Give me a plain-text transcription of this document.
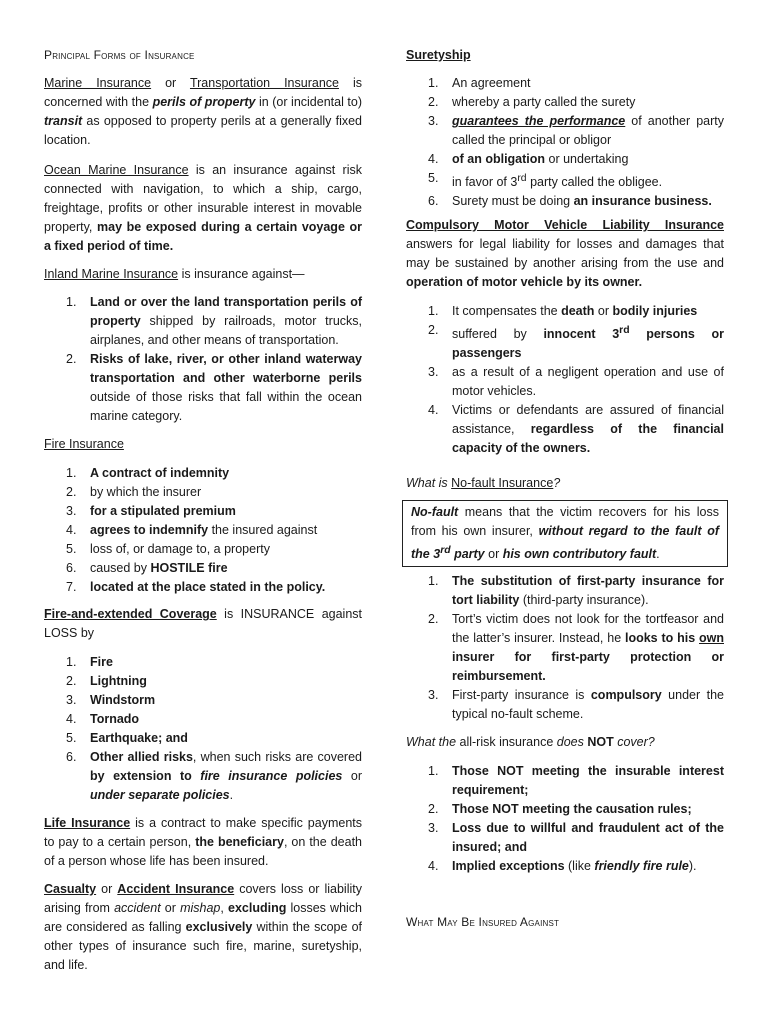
Principal Forms of Insurance

Marine Insurance or Transportation Insurance is concerned with the perils of property in (or incidental to) transit as opposed to property perils at a generally fixed location.

Ocean Marine Insurance is an insurance against risk connected with navigation, to which a ship, cargo, freightage, profits or other insurable interest in movable property, may be exposed during a certain voyage or a fixed period of time.

Inland Marine Insurance is insurance against—

1. Land or over the land transportation perils of property shipped by railroads, motor trucks, airplanes, and other means of transportation.
2. Risks of lake, river, or other inland waterway transportation and other waterborne perils outside of those risks that fall within the ocean marine category.
Fire Insurance
1. A contract of indemnity
2. by which the insurer
3. for a stipulated premium
4. agrees to indemnify the insured against
5. loss of, or damage to, a property
6. caused by HOSTILE fire
7. located at the place stated in the policy.

Fire-and-extended Coverage is INSURANCE against LOSS by

1. Fire
2. Lightning
3. Windstorm
4. Tornado
5. Earthquake; and
6. Other allied risks, when such risks are covered by extension to fire insurance policies or under separate policies.

Life Insurance is a contract to make specific payments to pay to a certain person, the beneficiary, on the death of a person whose life has been insured.

Casualty or Accident Insurance covers loss or liability arising from accident or mishap, excluding losses which are considered as falling exclusively within the scope of other types of insurance such fire, marine, suretyship, and life.

Suretyship
1. An agreement
2. whereby a party called the surety
3. guarantees the performance of another party called the principal or obligor
4. of an obligation or undertaking
5. in favor of 3rd party called the obligee.
6. Surety must be doing an insurance business.

Compulsory Motor Vehicle Liability Insurance answers for legal liability for losses and damages that may be sustained by another arising from the use and operation of motor vehicle by its owner.

1. It compensates the death or bodily injuries
2. suffered by innocent 3rd persons or passengers
3. as a result of a negligent operation and use of motor vehicles.
4. Victims or defendants are assured of financial assistance, regardless of the financial capacity of the owners.

What is No-fault Insurance?

No-fault means that the victim recovers for his loss from his own insurer, without regard to the fault of the 3rd party or his own contributory fault.

1. The substitution of first-party insurance for tort liability (third-party insurance).
2. Tort’s victim does not look for the tortfeasor and the latter’s insurer. Instead, he looks to his own insurer for first-party protection or reimbursement.
3. First-party insurance is compulsory under the typical no-fault scheme.

What the all-risk insurance does NOT cover?

1. Those NOT meeting the insurable interest requirement;
2. Those NOT meeting the causation rules;
3. Loss due to willful and fraudulent act of the insured; and
4. Implied exceptions (like friendly fire rule).
What May Be Insured Against
